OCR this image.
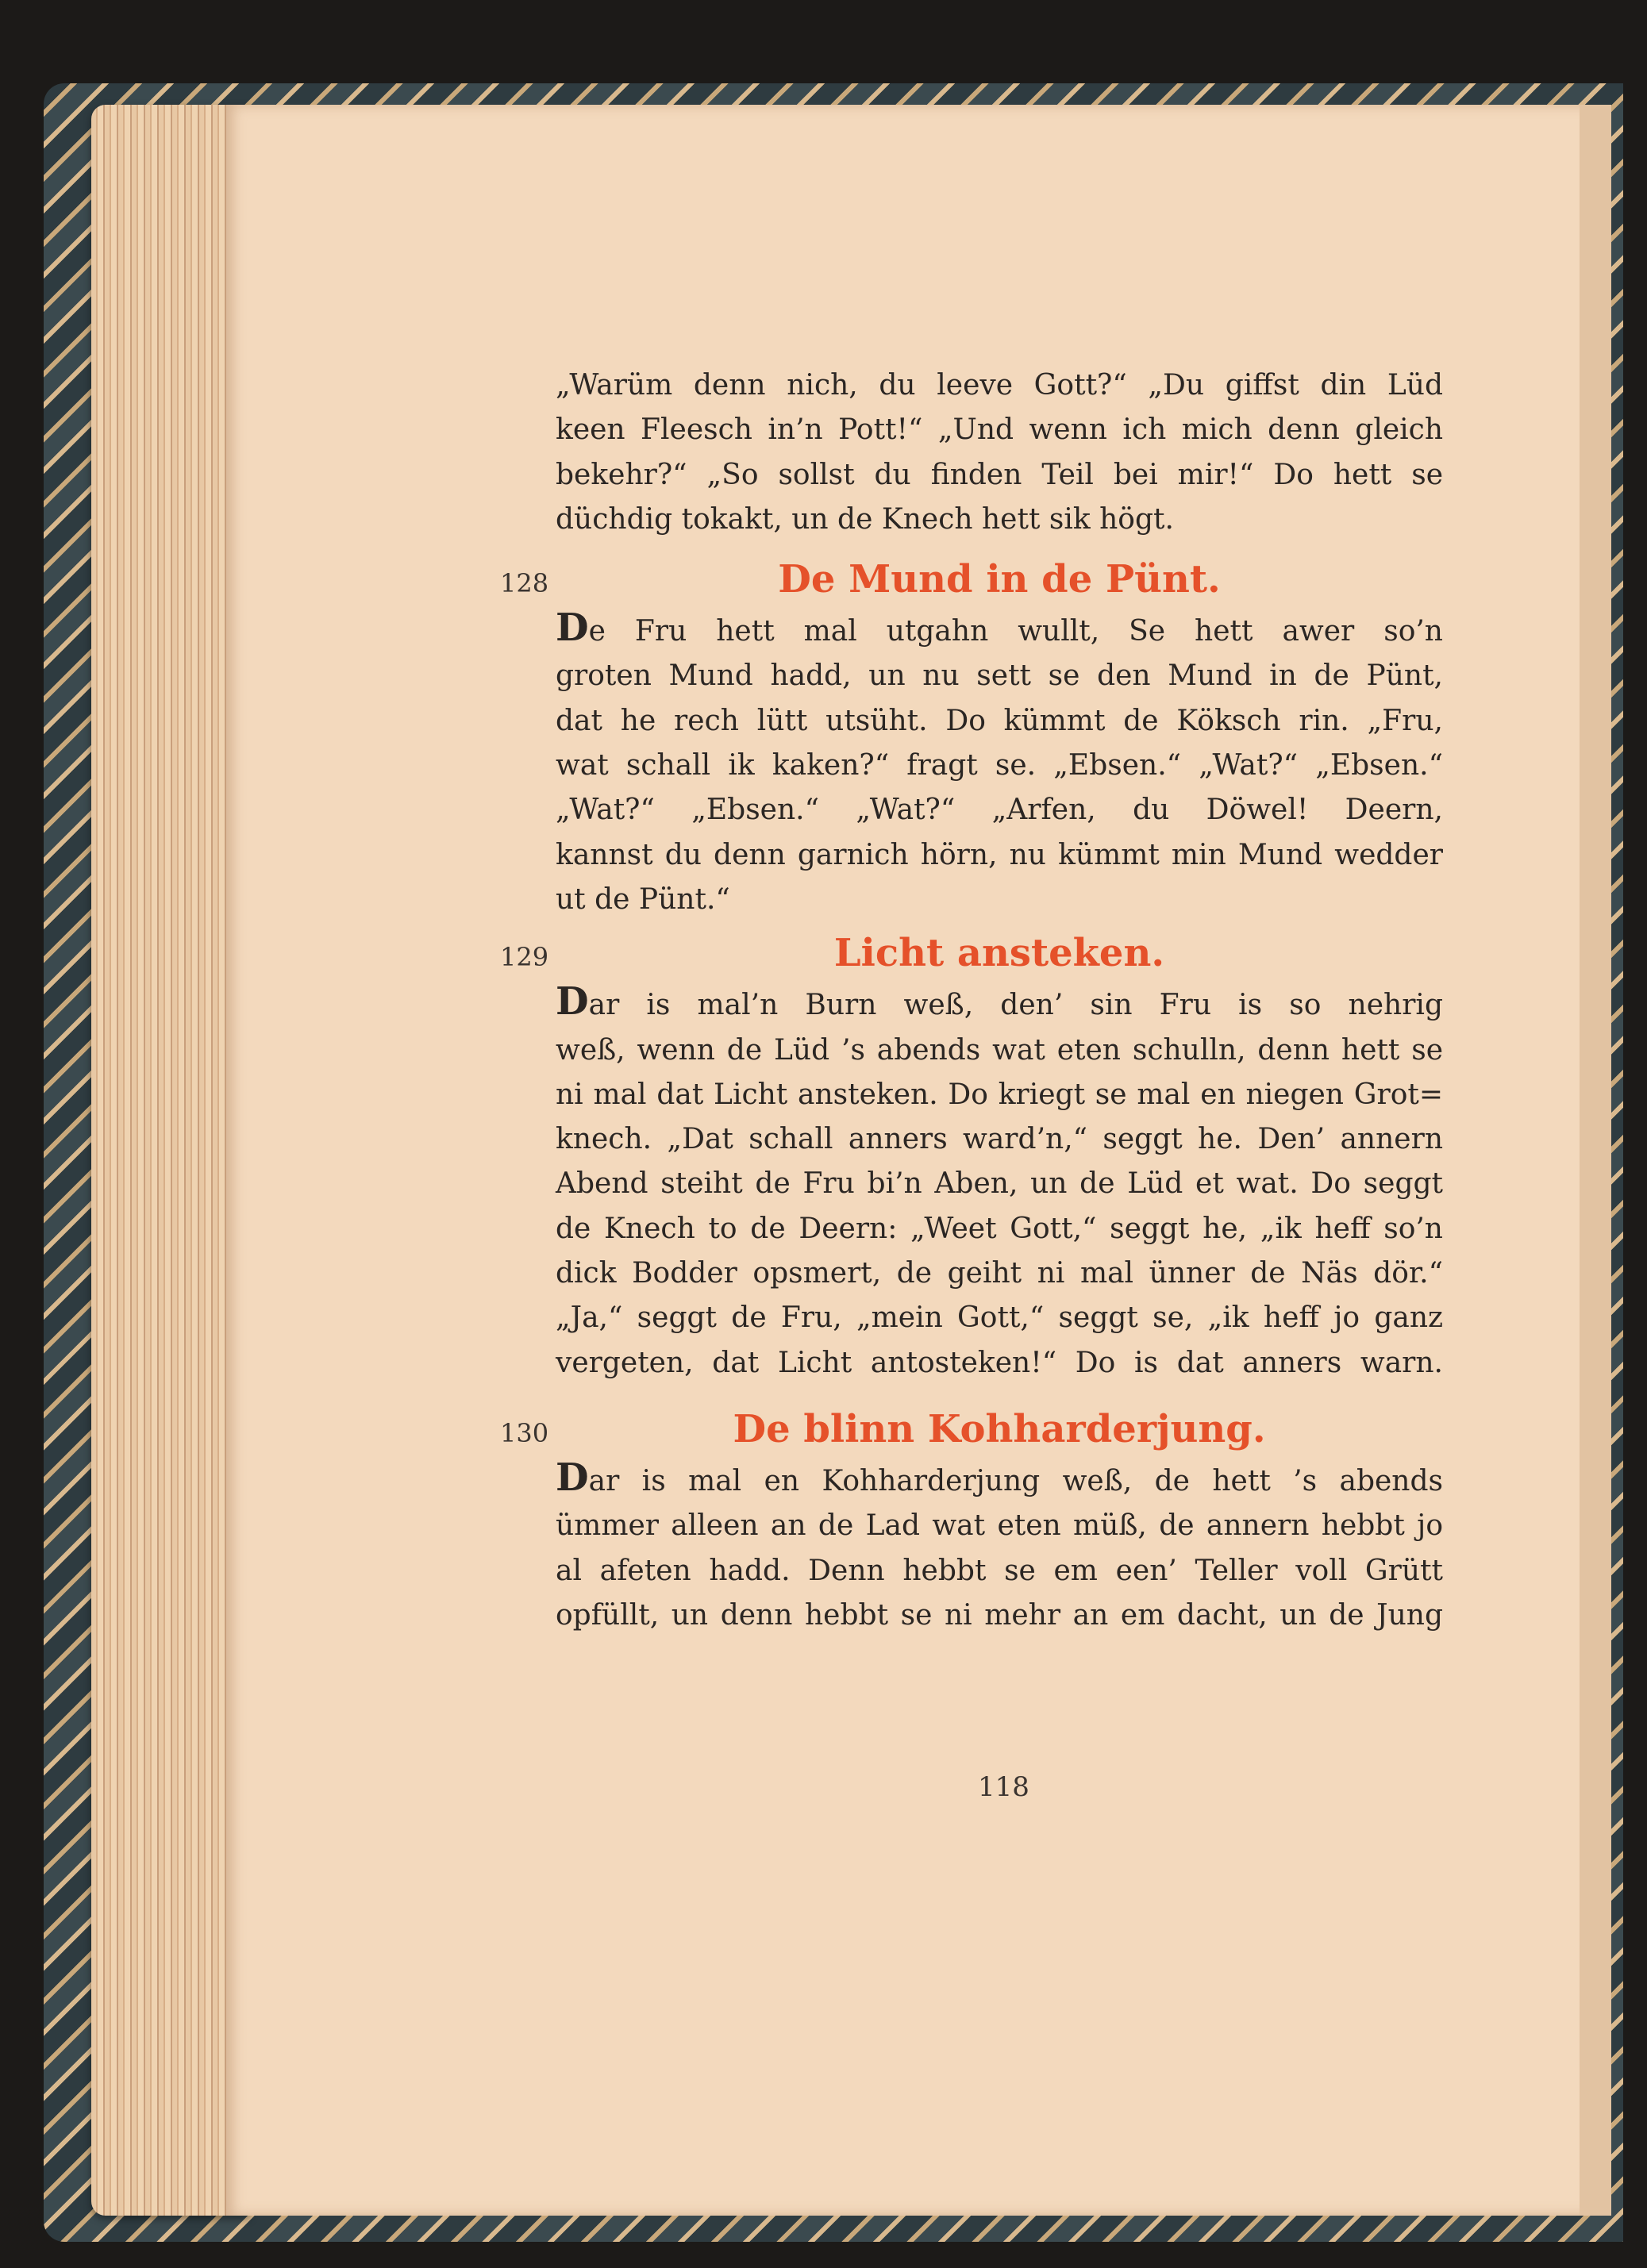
„Warüm denn nich, du leeve Gott?“ „Du giffst din Lüd
keen Fleesch in’n Pott!“ „Und wenn ich mich denn gleich
bekehr?“ „So sollst du finden Teil bei mir!“ Do hett se
düchdig tokakt, un de Knech hett sik högt.
128	De Mund in de Pünt.
De Fru hett mal utgahn wullt, Se hett awer so’n
groten Mund hadd, un nu sett se den Mund in de Pünt,
dat he rech lütt utsüht. Do kümmt de Köksch rin. „Fru,
wat schall ik kaken?“ fragt se. „Ebsen.“ „Wat?“ „Ebsen.“
„Wat?“ „Ebsen.“ „Wat?“ „Arfen, du Döwel! Deern,
kannst du denn garnich hörn, nu kümmt min Mund wedder
ut de Pünt.“
129	Licht ansteken.
Dar is mal’n Burn weß, den’ sin Fru is so nehrig
weß, wenn de Lüd ’s abends wat eten schulln, denn hett se
ni mal dat Licht ansteken. Do kriegt se mal en niegen Grot=
knech. „Dat schall anners ward’n,“ seggt he. Den’ annern
Abend steiht de Fru bi’n Aben, un de Lüd et wat. Do seggt
de Knech to de Deern: „Weet Gott,“ seggt he, „ik heff so’n
dick Bodder opsmert, de geiht ni mal ünner de Näs dör.“
„Ja,“ seggt de Fru, „mein Gott,“ seggt se, „ik heff jo ganz
vergeten, dat Licht antosteken!“ Do is dat anners warn.
130	De blinn Kohharderjung.
Dar is mal en Kohharderjung weß, de hett ’s abends
ümmer alleen an de Lad wat eten müß, de annern hebbt jo
al afeten hadd. Denn hebbt se em een’ Teller voll Grütt
opfüllt, un denn hebbt se ni mehr an em dacht, un de Jung
118
